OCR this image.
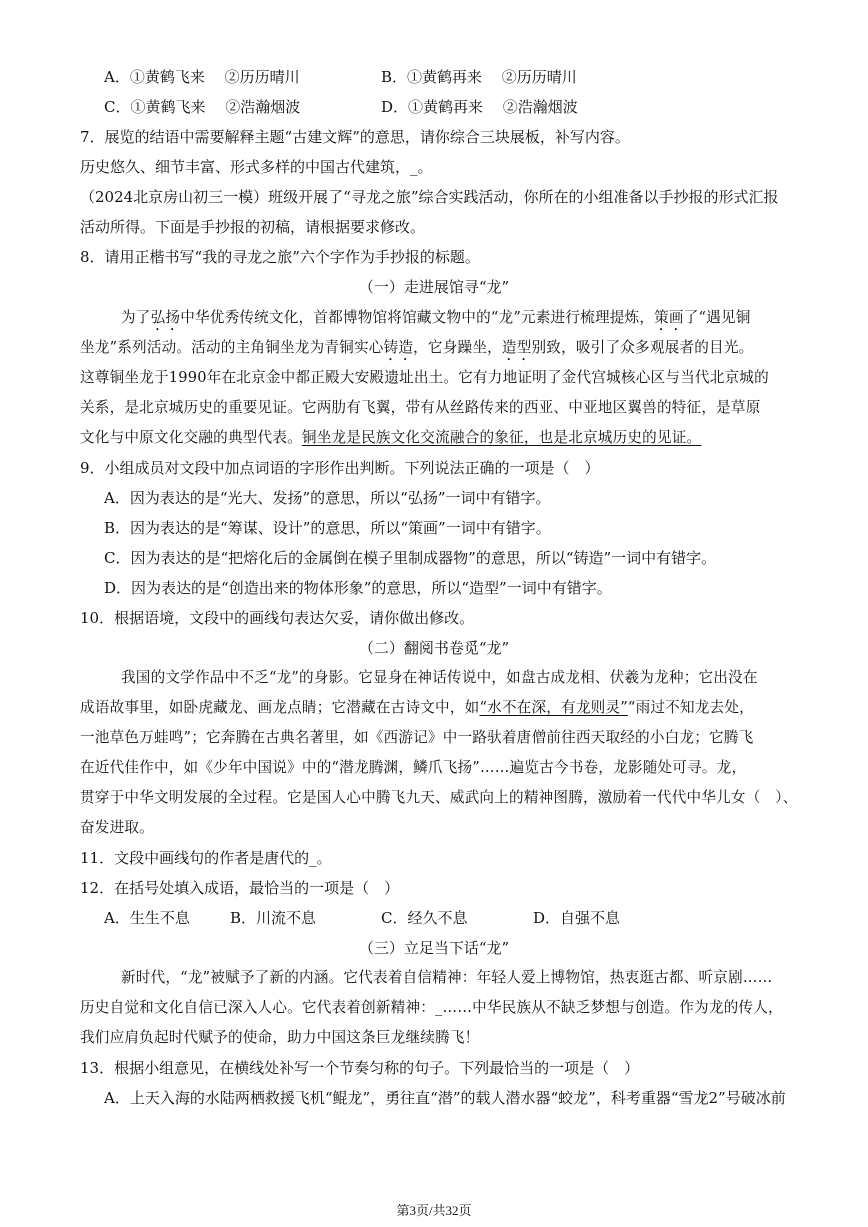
A．①黄鹤飞来　 ②历历晴川	B．①黄鹤再来　 ②历历晴川
C．①黄鹤飞来　 ②浩瀚烟波	D．①黄鹤再来　 ②浩瀚烟波
7．展览的结语中需要解释主题“古建文辉”的意思，请你综合三块展板，补写内容。
历史悠久、细节丰富、形式多样的中国古代建筑，_。
（2024北京房山初三一模）班级开展了“寻龙之旅”综合实践活动，你所在的小组准备以手抄报的形式汇报
活动所得。下面是手抄报的初稿，请根据要求修改。
8．请用正楷书写“我的寻龙之旅”六个字作为手抄报的标题。
（一）走进展馆寻“龙”
为了弘扬中华优秀传统文化，首都博物馆将馆藏文物中的“龙”元素进行梳理提炼，策画了“遇见铜
坐龙”系列活动。活动的主角铜坐龙为青铜实心铸造，它身躁坐，造型别致，吸引了众多观展者的目光。
这尊铜坐龙于1990年在北京金中都正殿大安殿遗址出土。它有力地证明了金代宫城核心区与当代北京城的
关系，是北京城历史的重要见证。它两肋有飞翼，带有从丝路传来的西亚、中亚地区翼兽的特征，是草原
文化与中原文化交融的典型代表。铜坐龙是民族文化交流融合的象征，也是北京城历史的见证。
9．小组成员对文段中加点词语的字形作出判断。下列说法正确的一项是（　）
A．因为表达的是“光大、发扬”的意思，所以“弘扬”一词中有错字。
B．因为表达的是“筹谋、设计”的意思，所以“策画”一词中有错字。
C．因为表达的是“把熔化后的金属倒在模子里制成器物”的意思，所以“铸造”一词中有错字。
D．因为表达的是“创造出来的物体形象”的意思，所以“造型”一词中有错字。
10．根据语境，文段中的画线句表达欠妥，请你做出修改。
（二）翻阅书卷觅“龙”
我国的文学作品中不乏“龙”的身影。它显身在神话传说中，如盘古成龙相、伏羲为龙种；它出没在
成语故事里，如卧虎藏龙、画龙点睛；它潜藏在古诗文中，如“水不在深，有龙则灵”“雨过不知龙去处，
一池草色万蛙鸣”；它奔腾在古典名著里，如《西游记》中一路驮着唐僧前往西天取经的小白龙；它腾飞
在近代佳作中，如《少年中国说》中的“潜龙腾渊，鳞爪飞扬”……遍览古今书卷，龙影随处可寻。龙，
贯穿于中华文明发展的全过程。它是国人心中腾飞九天、威武向上的精神图腾，激励着一代代中华儿女（　）、
奋发进取。
11．文段中画线句的作者是唐代的_。
12．在括号处填入成语，最恰当的一项是（　）
A．生生不息	B．川流不息	C．经久不息	D．自强不息
（三）立足当下话“龙”
新时代，“龙”被赋予了新的内涵。它代表着自信精神：年轻人爱上博物馆，热衷逛古都、听京剧……
历史自觉和文化自信已深入人心。它代表着创新精神：_……中华民族从不缺乏梦想与创造。作为龙的传人，
我们应肩负起时代赋予的使命，助力中国这条巨龙继续腾飞！
13．根据小组意见，在横线处补写一个节奏匀称的句子。下列最恰当的一项是（　）
A．上天入海的水陆两栖救援飞机“鲲龙”，勇往直“潜”的载人潜水器“蛟龙”，科考重器“雪龙2”号破冰前
第3页/共32页
